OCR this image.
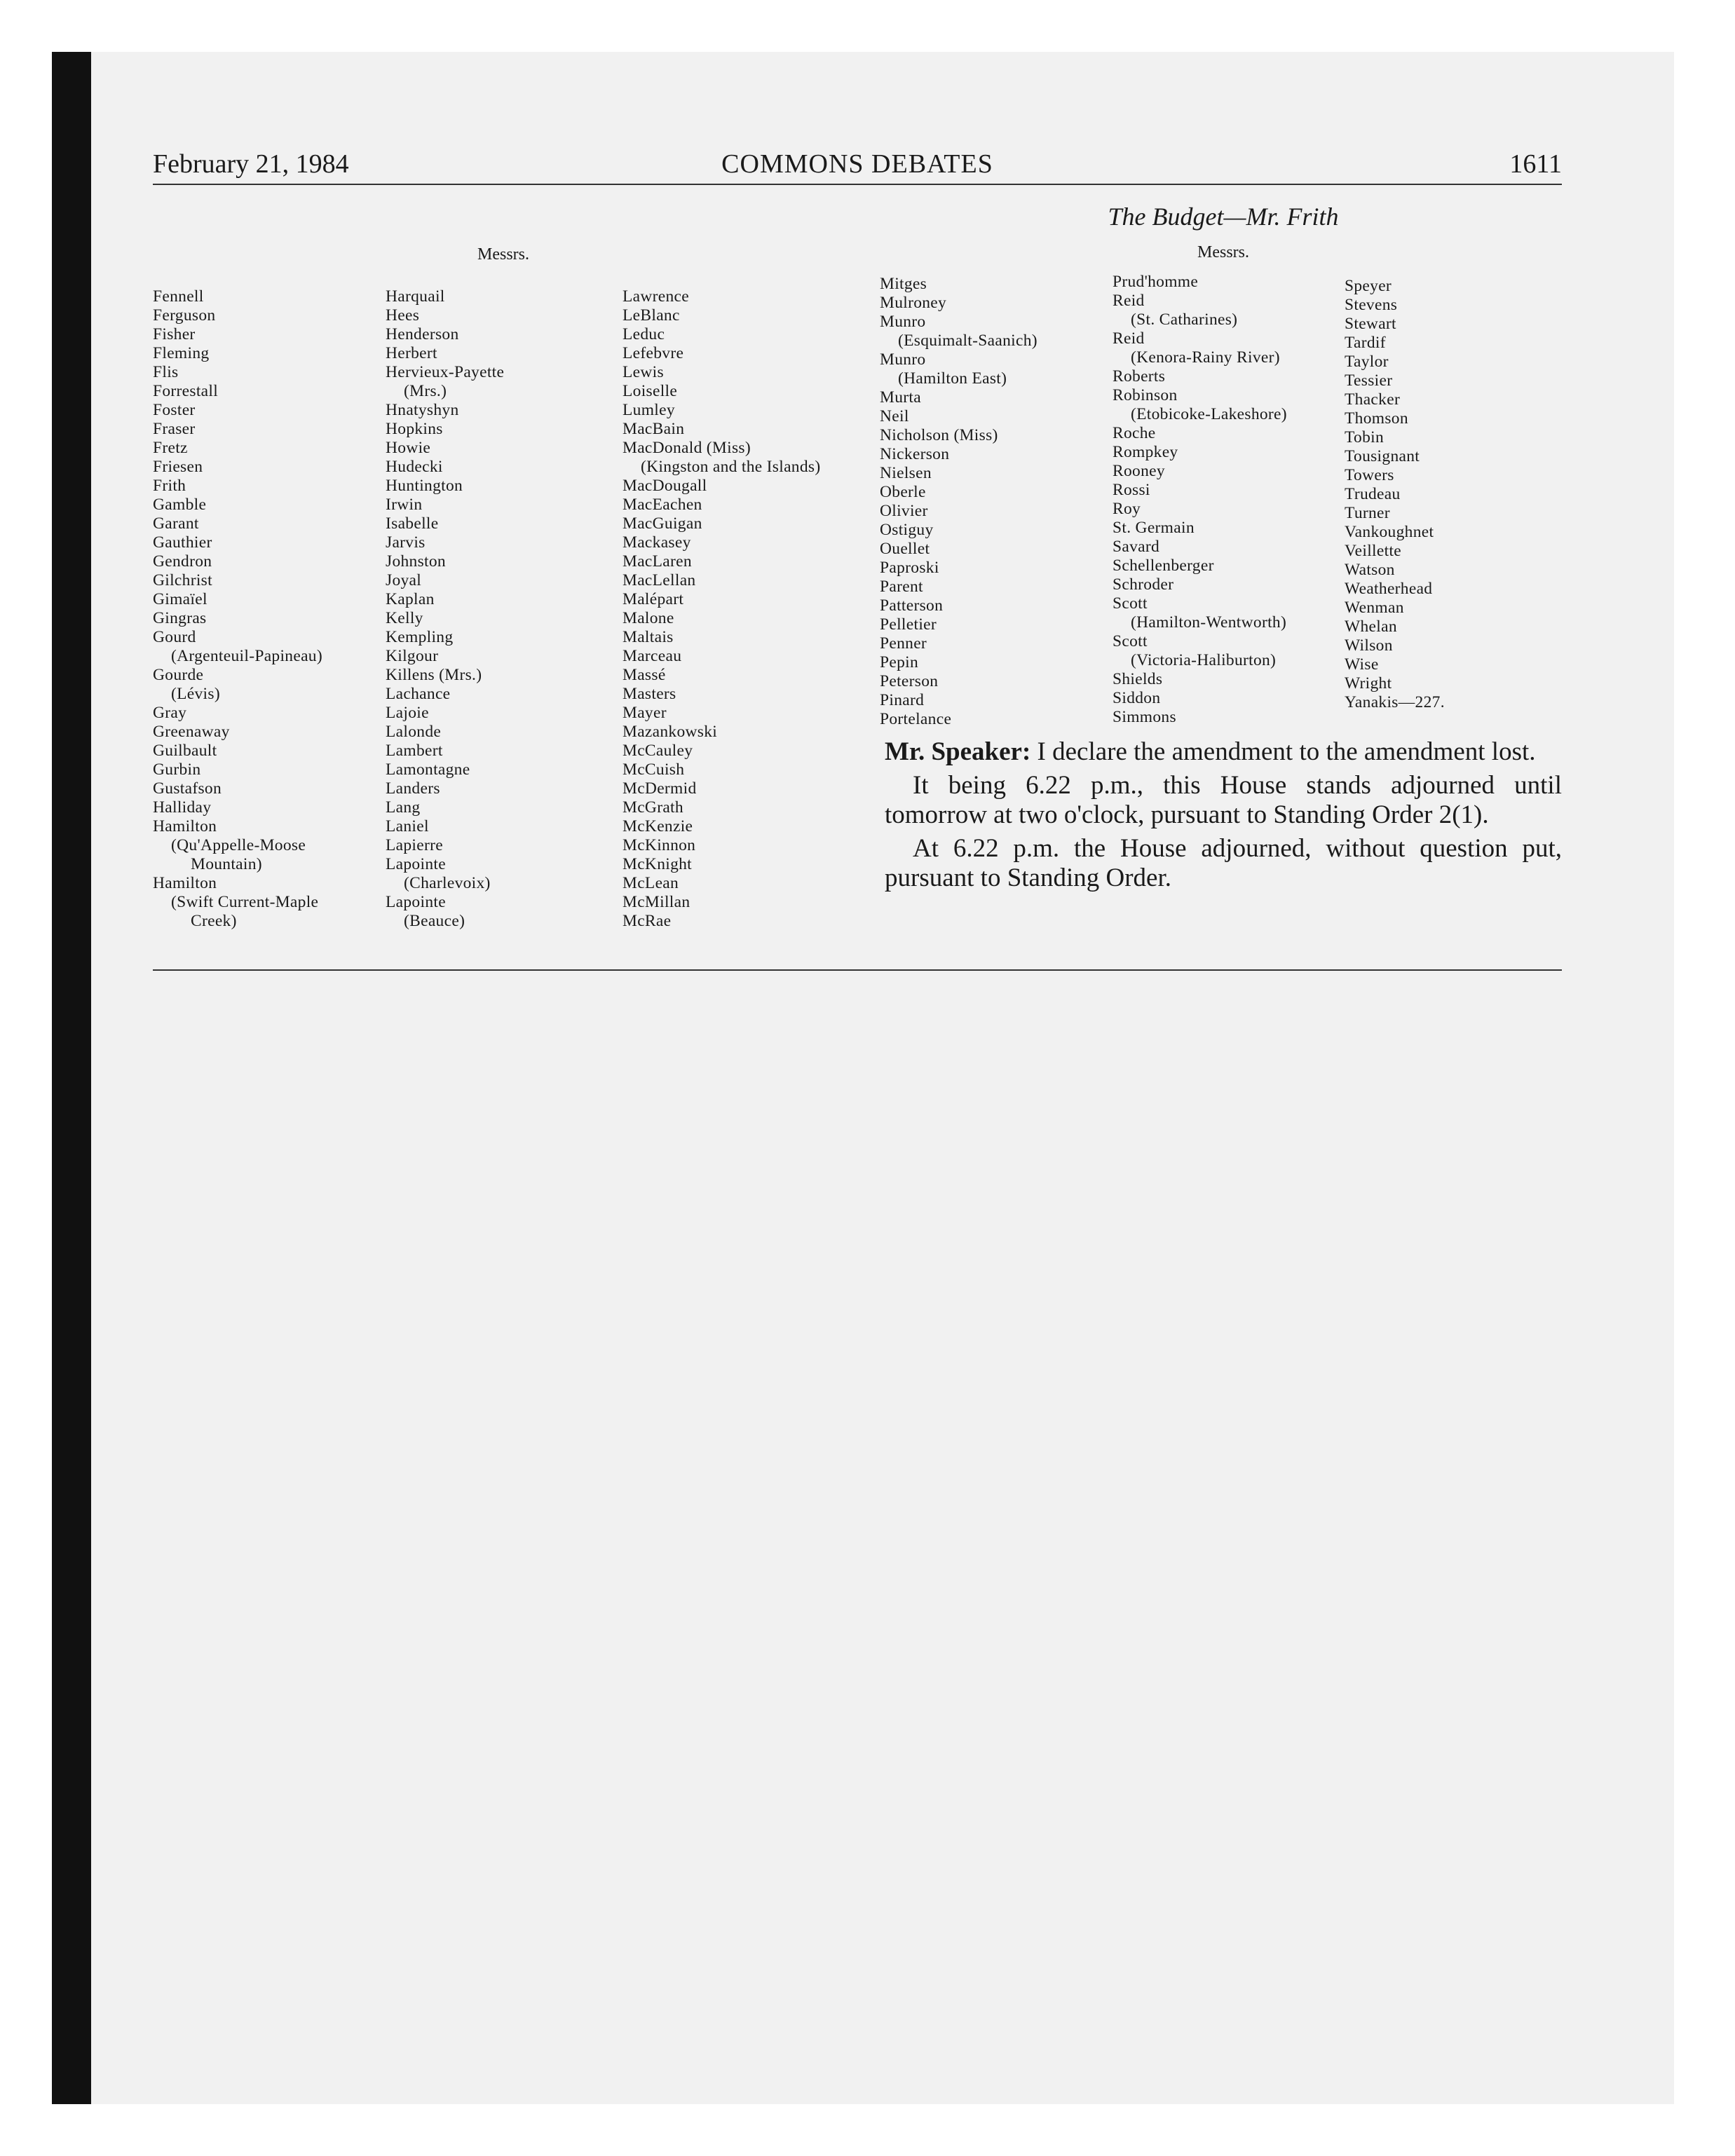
COMMONS DEBATES
February 21, 1984	1611
The Budget—Mr. Frith
Messrs.	Messrs.
Fennell
Ferguson
Fisher
Fleming
Flis
Forrestall
Foster
Fraser
Fretz
Friesen
Frith
Gamble
Garant
Gauthier
Gendron
Gilchrist
Gimaïel
Gingras
Gourd
(Argenteuil-Papineau)
Gourde
(Lévis)
Gray
Greenaway
Guilbault
Gurbin
Gustafson
Halliday
Hamilton
(Qu'Appelle-Moose
Mountain)
Hamilton
(Swift Current-Maple
Creek)
Harquail
Hees
Henderson
Herbert
Hervieux-Payette
(Mrs.)
Hnatyshyn
Hopkins
Howie
Hudecki
Huntington
Irwin
Isabelle
Jarvis
Johnston
Joyal
Kaplan
Kelly
Kempling
Kilgour
Killens (Mrs.)
Lachance
Lajoie
Lalonde
Lambert
Lamontagne
Landers
Lang
Laniel
Lapierre
Lapointe
(Charlevoix)
Lapointe
(Beauce)
Lawrence
LeBlanc
Leduc
Lefebvre
Lewis
Loiselle
Lumley
MacBain
MacDonald (Miss)
(Kingston and the Islands)
MacDougall
MacEachen
MacGuigan
Mackasey
MacLaren
MacLellan
Malépart
Malone
Maltais
Marceau
Massé
Masters
Mayer
Mazankowski
McCauley
McCuish
McDermid
McGrath
McKenzie
McKinnon
McKnight
McLean
McMillan
McRae
Mitges
Mulroney
Munro
(Esquimalt-Saanich)
Munro
(Hamilton East)
Murta
Neil
Nicholson (Miss)
Nickerson
Nielsen
Oberle
Olivier
Ostiguy
Ouellet
Paproski
Parent
Patterson
Pelletier
Penner
Pepin
Peterson
Pinard
Portelance
Prud'homme
Reid
(St. Catharines)
Reid
(Kenora-Rainy River)
Roberts
Robinson
(Etobicoke-Lakeshore)
Roche
Rompkey
Rooney
Rossi
Roy
St. Germain
Savard
Schellenberger
Schroder
Scott
(Hamilton-Wentworth)
Scott
(Victoria-Haliburton)
Shields
Siddon
Simmons
Speyer
Stevens
Stewart
Tardif
Taylor
Tessier
Thacker
Thomson
Tobin
Tousignant
Towers
Trudeau
Turner
Vankoughnet
Veillette
Watson
Weatherhead
Wenman
Whelan
Wilson
Wise
Wright
Yanakis—227.

Mr. Speaker: I declare the amendment to the amendment lost.

It being 6.22 p.m., this House stands adjourned until tomorrow at two o'clock, pursuant to Standing Order 2(1).

At 6.22 p.m. the House adjourned, without question put, pursuant to Standing Order.
